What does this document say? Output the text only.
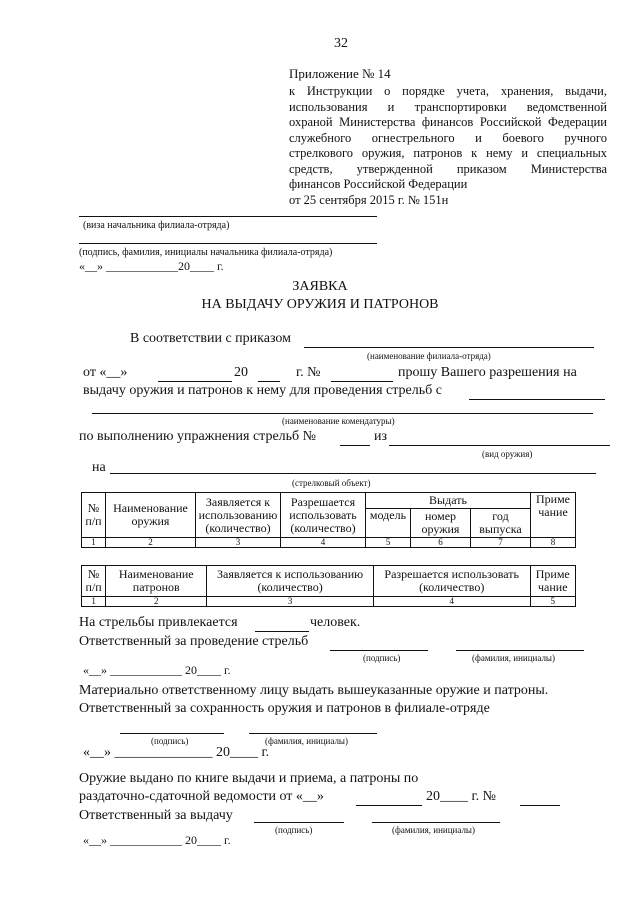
32
Приложение № 14
к Инструкции о порядке учета, хранения, выдачи,
использования и транспортировки ведомственной
охраной Министерства финансов Российской Федерации
служебного огнестрельного и боевого ручного
стрелкового оружия, патронов к нему и специальных
средств, утвержденной приказом Министерства
финансов Российской Федерации
от 25 сентября 2015 г. № 151н
(виза начальника филиала-отряда)
(подпись, фамилия, инициалы начальника филиала-отряда)
«__» ____________20____ г.
ЗАЯВКА
НА ВЫДАЧУ ОРУЖИЯ И ПАТРОНОВ
В соответствии с приказом
(наименование филиала-отряда)
от «__»	20	г. №	прошу Вашего разрешения на
выдачу оружия и патронов к нему для проведения стрельб с
(наименование комендатуры)
по выполнению упражнения стрельб №	из
(вид оружия)
на
(стрелковый объект)
№ п/п	Наименование оружия	Заявляется к использованию (количество)	Разрешается использовать (количество)	Выдать			Приме чание
				модель	номер оружия	год выпуска	
1	2	3	4	5	6	7	8
№ п/п	Наименование патронов	Заявляется к использованию (количество)	Разрешается использовать (количество)	Приме чание
1	2	3	4	5
На стрельбы привлекается	человек.
Ответственный за проведение стрельб
(подпись)	(фамилия, инициалы)
«__» ____________ 20____ г.
Материально ответственному лицу выдать вышеуказанные оружие и патроны.
Ответственный за сохранность оружия и патронов в филиале-отряде
(подпись)	(фамилия, инициалы)
«__» ______________ 20____ г.
Оружие выдано по книге выдачи и приема, а патроны по
раздаточно-сдаточной ведомости от «__»	20____ г. №
Ответственный за выдачу
(подпись)	(фамилия, инициалы)
«__» ____________ 20____ г.
